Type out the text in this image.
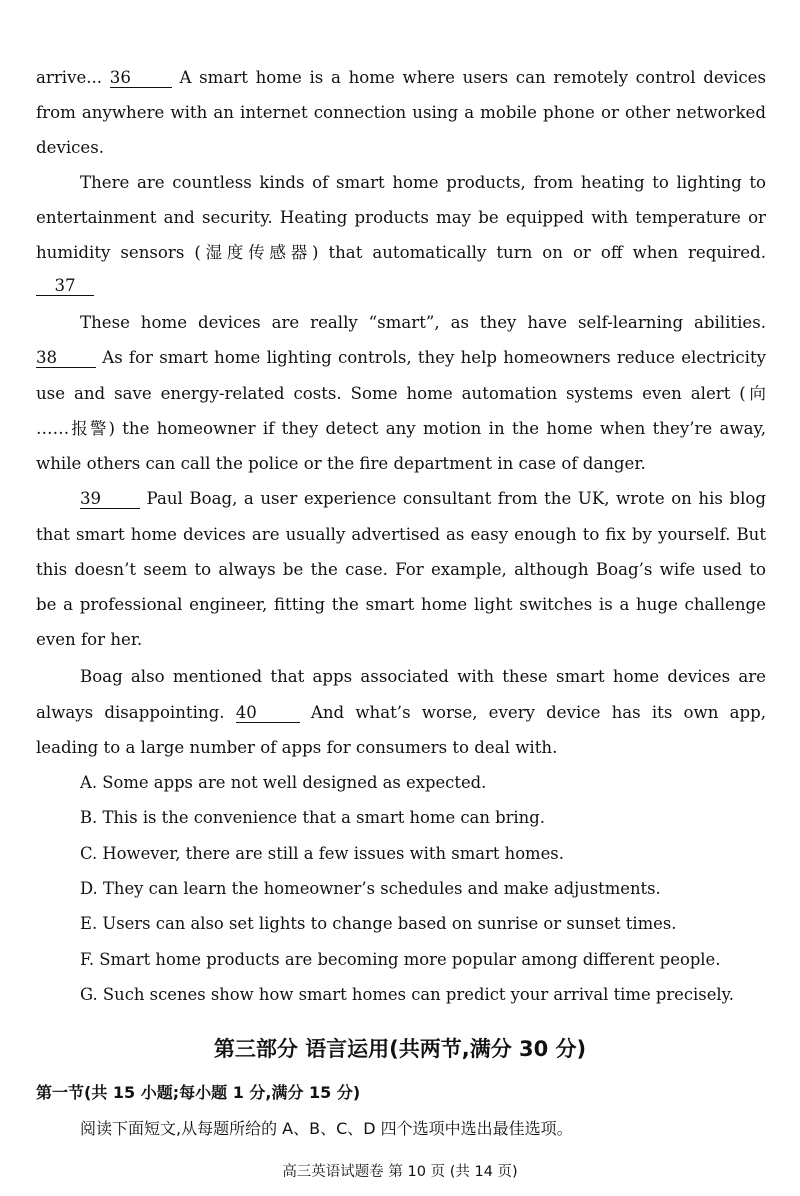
arrive... 36	A smart home is a home where users can remotely control devices
from anywhere with an internet connection using a mobile phone or other networked
devices.
There are countless kinds of smart home products, from heating to lighting to
entertainment and security. Heating products may be equipped with temperature or
humidity sensors (湿度传感器) that automatically turn on or off when required.
37
These home devices are really “smart”, as they have self-learning abilities.
38	As for smart home lighting controls, they help homeowners reduce electricity
use and save energy-related costs. Some home automation systems even alert (向
……报警) the homeowner if they detect any motion in the home when they’re away,
while others can call the police or the fire department in case of danger.
39	Paul Boag, a user experience consultant from the UK, wrote on his blog
that smart home devices are usually advertised as easy enough to fix by yourself. But
this doesn’t seem to always be the case. For example, although Boag’s wife used to
be a professional engineer, fitting the smart home light switches is a huge challenge
even for her.
Boag also mentioned that apps associated with these smart home devices are
always disappointing. 40	And what’s worse, every device has its own app,
leading to a large number of apps for consumers to deal with.
A. Some apps are not well designed as expected.
B. This is the convenience that a smart home can bring.
C. However, there are still a few issues with smart homes.
D. They can learn the homeowner’s schedules and make adjustments.
E. Users can also set lights to change based on sunrise or sunset times.
F. Smart home products are becoming more popular among different people.
G. Such scenes show how smart homes can predict your arrival time precisely.
第三部分 语言运用(共两节,满分 30 分)
第一节(共 15 小题;每小题 1 分,满分 15 分)
阅读下面短文,从每题所给的 A、B、C、D 四个选项中选出最佳选项。
高三英语试题卷 第 10 页 (共 14 页)
